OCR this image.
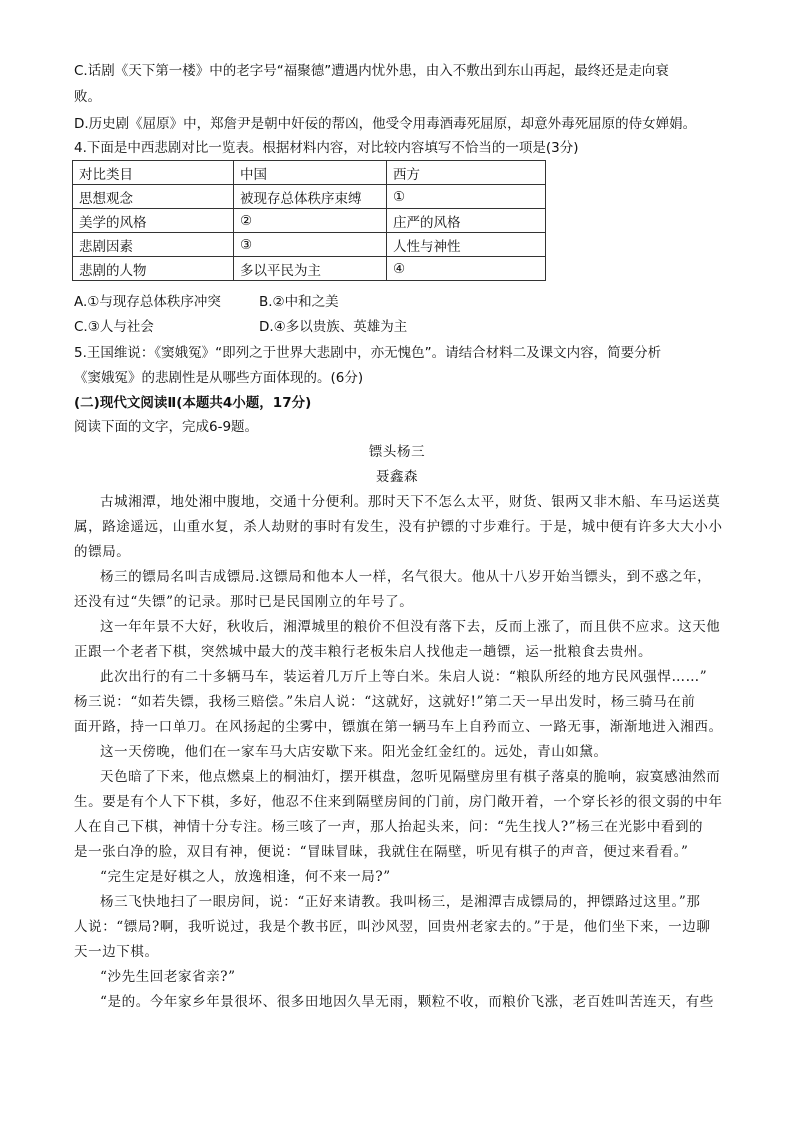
C.话剧《天下第一楼》中的老字号“福聚德”遭遇内忧外患，由入不敷出到东山再起，最终还是走向衰
败。
D.历史剧《屈原》中，郑詹尹是朝中奸佞的帮凶，他受令用毒酒毒死屈原，却意外毒死屈原的侍女婵娟。
4.下面是中西悲剧对比一览表。根据材料内容，对比较内容填写不恰当的一项是(3分)
对比类目	中国	西方
思想观念	被现存总体秩序束缚	①
美学的风格	②	庄严的风格
悲剧因素	③	人性与神性
悲剧的人物	多以平民为主	④
A.①与现存总体秩序冲突	B.②中和之美
C.③人与社会	D.④多以贵族、英雄为主
5.王国维说：《窦娥冤》“即列之于世界大悲剧中，亦无愧色”。请结合材料二及课文内容，简要分析
《窦娥冤》的悲剧性是从哪些方面体现的。(6分)
(二)现代文阅读Ⅱ(本题共4小题，17分)
阅读下面的文字，完成6-9题。
镖头杨三
聂鑫森
古城湘潭，地处湘中腹地，交通十分便利。那时天下不怎么太平，财货、银两又非木船、车马运送莫
属，路途遥远，山重水复，杀人劫财的事时有发生，没有护镖的寸步难行。于是，城中便有许多大大小小
的镖局。
杨三的镖局名叫吉成镖局.这镖局和他本人一样，名气很大。他从十八岁开始当镖头，到不惑之年，
还没有过“失镖”的记录。那时已是民国刚立的年号了。
这一年年景不大好，秋收后，湘潭城里的粮价不但没有落下去，反而上涨了，而且供不应求。这天他
正跟一个老者下棋，突然城中最大的茂丰粮行老板朱启人找他走一趟镖，运一批粮食去贵州。
此次出行的有二十多辆马车，装运着几万斤上等白米。朱启人说：“粮队所经的地方民风强悍……”
杨三说：“如若失镖，我杨三赔偿。”朱启人说：“这就好，这就好!”第二天一早出发时，杨三骑马在前
面开路，持一口单刀。在风扬起的尘雾中，镖旗在第一辆马车上自矜而立、一路无事，渐渐地进入湘西。
这一天傍晚，他们在一家车马大店安歇下来。阳光金红金红的。远处，青山如黛。
天色暗了下来，他点燃桌上的桐油灯，摆开棋盘，忽听见隔壁房里有棋子落桌的脆响，寂寞感油然而
生。要是有个人下下棋，多好，他忍不住来到隔壁房间的门前，房门敞开着，一个穿长衫的很文弱的中年
人在自己下棋，神情十分专注。杨三咳了一声，那人抬起头来，问：“先生找人?”杨三在光影中看到的
是一张白净的脸，双目有神，便说：“冒昧冒昧，我就住在隔壁，听见有棋子的声音，便过来看看。”
“完生定是好棋之人，放逸相逢，何不来一局?”
杨三飞快地扫了一眼房间，说：“正好来请教。我叫杨三，是湘潭吉成镖局的，押镖路过这里。”那
人说：“镖局?啊，我听说过，我是个教书匠，叫沙风翌，回贵州老家去的。”于是，他们坐下来，一边聊
天一边下棋。
“沙先生回老家省亲?”
“是的。今年家乡年景很坏、很多田地因久旱无雨，颗粒不收，而粮价飞涨，老百姓叫苦连天，有些
